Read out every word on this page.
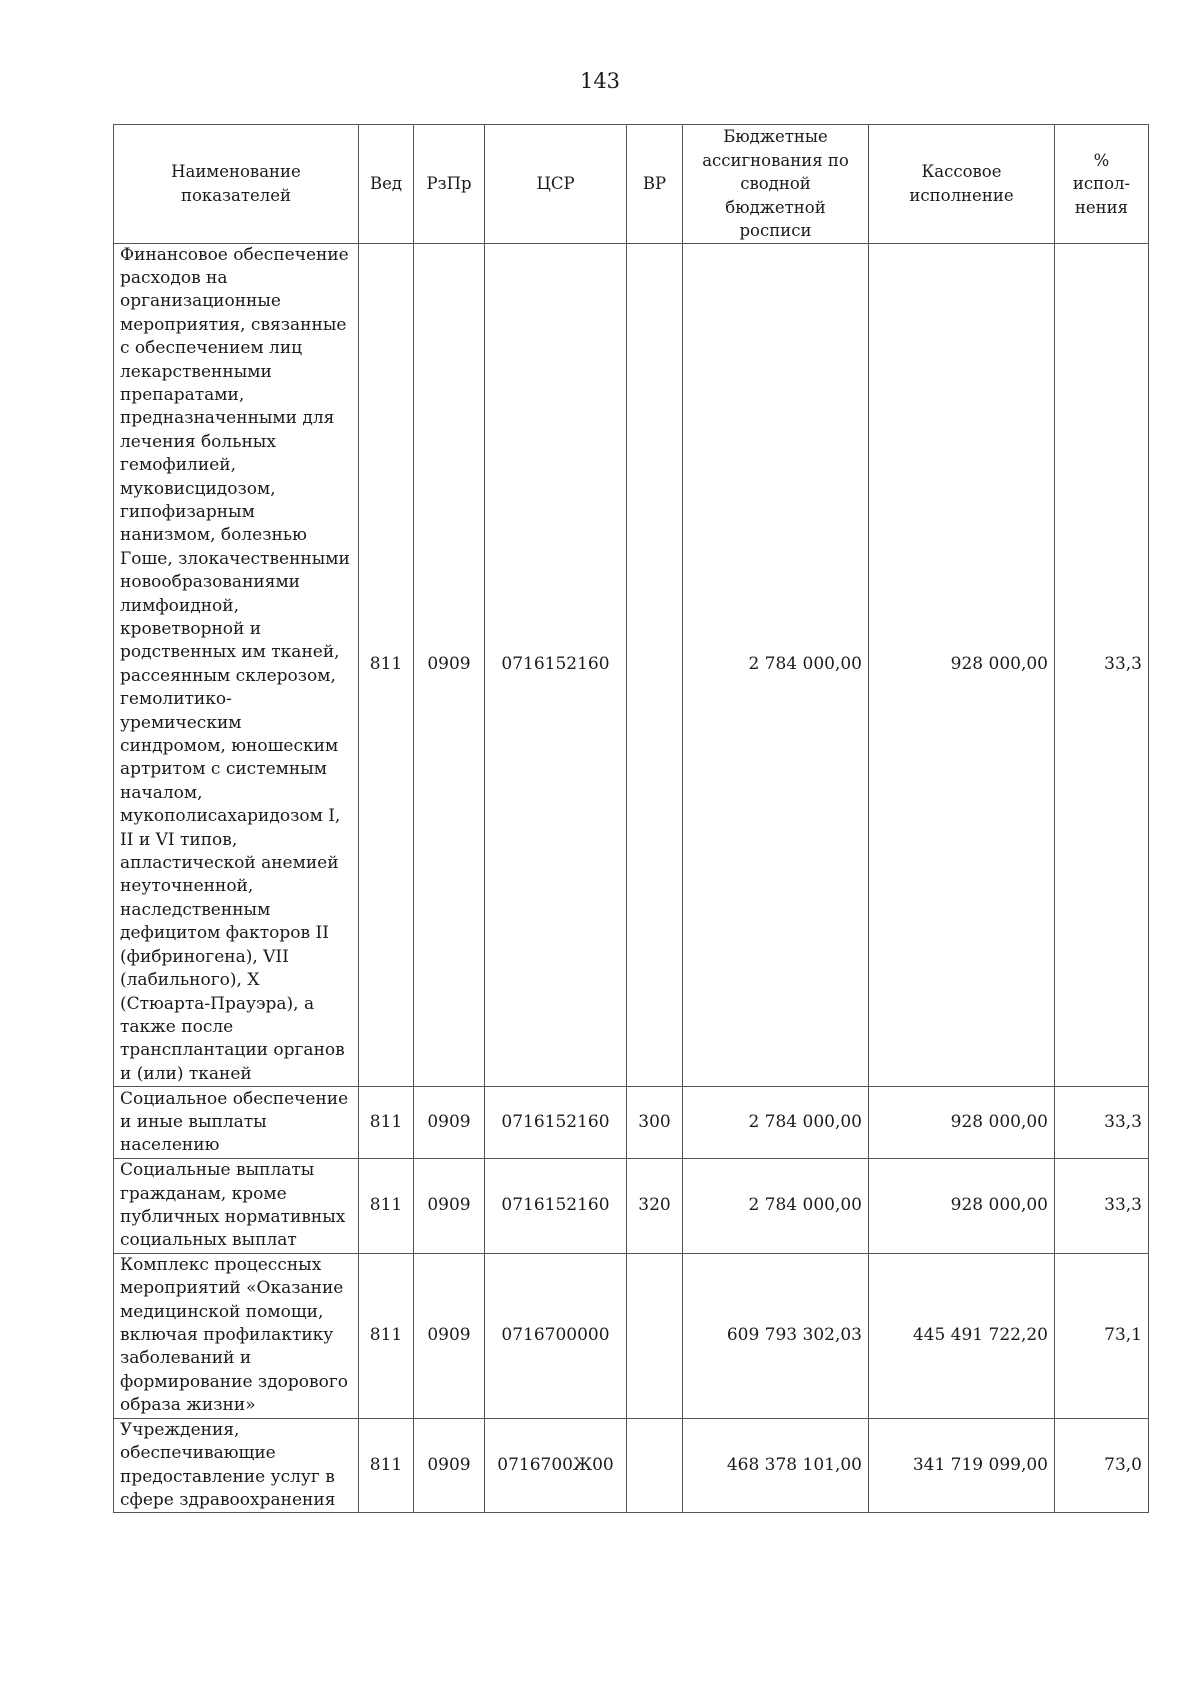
143
Наименование показателей	Вед	РзПр	ЦСР	ВР	Бюджетные ассигнования по сводной бюджетной росписи	Кассовое исполнение	% испол-нения
Финансовое обеспечение расходов на организационные мероприятия, связанные с обеспечением лиц лекарственными препаратами, предназначенными для лечения больных гемофилией, муковисцидозом, гипофизарным нанизмом, болезнью Гоше, злокачественными новообразованиями лимфоидной, кроветворной и родственных им тканей, рассеянным склерозом, гемолитико-уремическим синдромом, юношеским артритом с системным началом, мукополисахаридозом I, II и VI типов, апластической анемией неуточненной, наследственным дефицитом факторов II (фибриногена), VII (лабильного), X (Стюарта-Прауэра), а также после трансплантации органов и (или) тканей	811	0909	0716152160		2 784 000,00	928 000,00	33,3
Социальное обеспечение и иные выплаты населению	811	0909	0716152160	300	2 784 000,00	928 000,00	33,3
Социальные выплаты гражданам, кроме публичных нормативных социальных выплат	811	0909	0716152160	320	2 784 000,00	928 000,00	33,3
Комплекс процессных мероприятий «Оказание медицинской помощи, включая профилактику заболеваний и формирование здорового образа жизни»	811	0909	0716700000		609 793 302,03	445 491 722,20	73,1
Учреждения, обеспечивающие предоставление услуг в сфере здравоохранения	811	0909	0716700Ж00		468 378 101,00	341 719 099,00	73,0
